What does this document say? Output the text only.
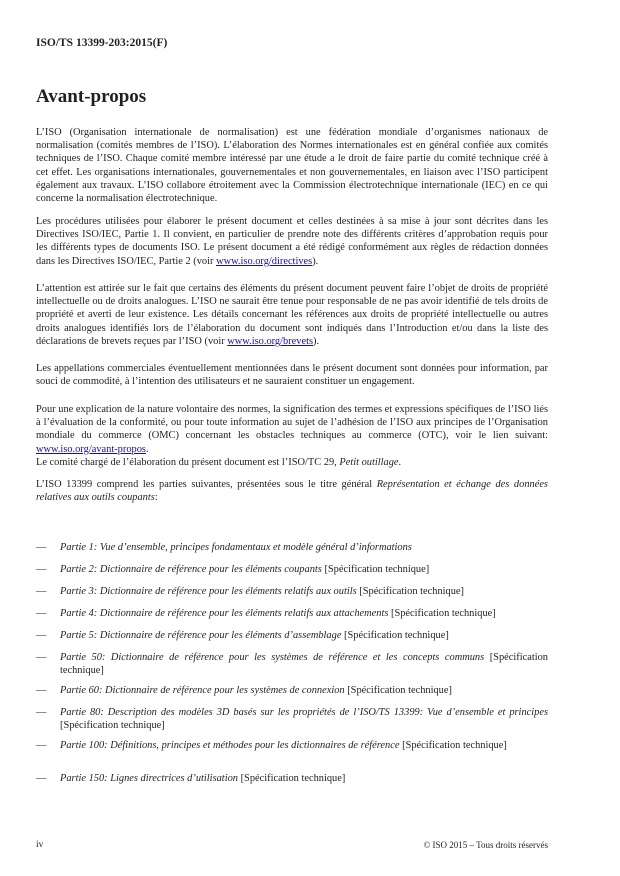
ISO/TS 13399-203:2015(F)
Avant-propos
L’ISO (Organisation internationale de normalisation) est une fédération mondiale d’organismes nationaux de normalisation (comités membres de l’ISO). L’élaboration des Normes internationales est en général confiée aux comités techniques de l’ISO. Chaque comité membre intéressé par une étude a le droit de faire partie du comité technique créé à cet effet. Les organisations internationales, gouvernementales et non gouvernementales, en liaison avec l’ISO participent également aux travaux. L’ISO collabore étroitement avec la Commission électrotechnique internationale (IEC) en ce qui concerne la normalisation électrotechnique.
Les procédures utilisées pour élaborer le présent document et celles destinées à sa mise à jour sont décrites dans les Directives ISO/IEC, Partie 1. Il convient, en particulier de prendre note des différents critères d’approbation requis pour les différents types de documents ISO. Le présent document a été rédigé conformément aux règles de rédaction données dans les Directives ISO/IEC, Partie 2 (voir www.iso.org/directives).
L’attention est attirée sur le fait que certains des éléments du présent document peuvent faire l’objet de droits de propriété intellectuelle ou de droits analogues. L’ISO ne saurait être tenue pour responsable de ne pas avoir identifié de tels droits de propriété et averti de leur existence. Les détails concernant les références aux droits de propriété intellectuelle ou autres droits analogues identifiés lors de l’élaboration du document sont indiqués dans l’Introduction et/ou dans la liste des déclarations de brevets reçues par l’ISO (voir www.iso.org/brevets).
Les appellations commerciales éventuellement mentionnées dans le présent document sont données pour information, par souci de commodité, à l’intention des utilisateurs et ne sauraient constituer un engagement.
Pour une explication de la nature volontaire des normes, la signification des termes et expressions spécifiques de l’ISO liés à l’évaluation de la conformité, ou pour toute information au sujet de l’adhésion de l’ISO aux principes de l’Organisation mondiale du commerce (OMC) concernant les obstacles techniques au commerce (OTC), voir le lien suivant: www.iso.org/avant-propos.
Le comité chargé de l’élaboration du présent document est l’ISO/TC 29, Petit outillage.
L’ISO 13399 comprend les parties suivantes, présentées sous le titre général Représentation et échange des données relatives aux outils coupants:
— Partie 1: Vue d’ensemble, principes fondamentaux et modèle général d’informations
— Partie 2: Dictionnaire de référence pour les éléments coupants [Spécification technique]
— Partie 3: Dictionnaire de référence pour les éléments relatifs aux outils [Spécification technique]
— Partie 4: Dictionnaire de référence pour les éléments relatifs aux attachements [Spécification technique]
— Partie 5: Dictionnaire de référence pour les éléments d’assemblage [Spécification technique]
— Partie 50: Dictionnaire de référence pour les systèmes de référence et les concepts communs [Spécification technique]
— Partie 60: Dictionnaire de référence pour les systèmes de connexion [Spécification technique]
— Partie 80: Description des modèles 3D basés sur les propriétés de l’ISO/TS 13399: Vue d’ensemble et principes [Spécification technique]
— Partie 100: Définitions, principes et méthodes pour les dictionnaires de référence [Spécification technique]
— Partie 150: Lignes directrices d’utilisation [Spécification technique]
iv	© ISO 2015 – Tous droits réservés
